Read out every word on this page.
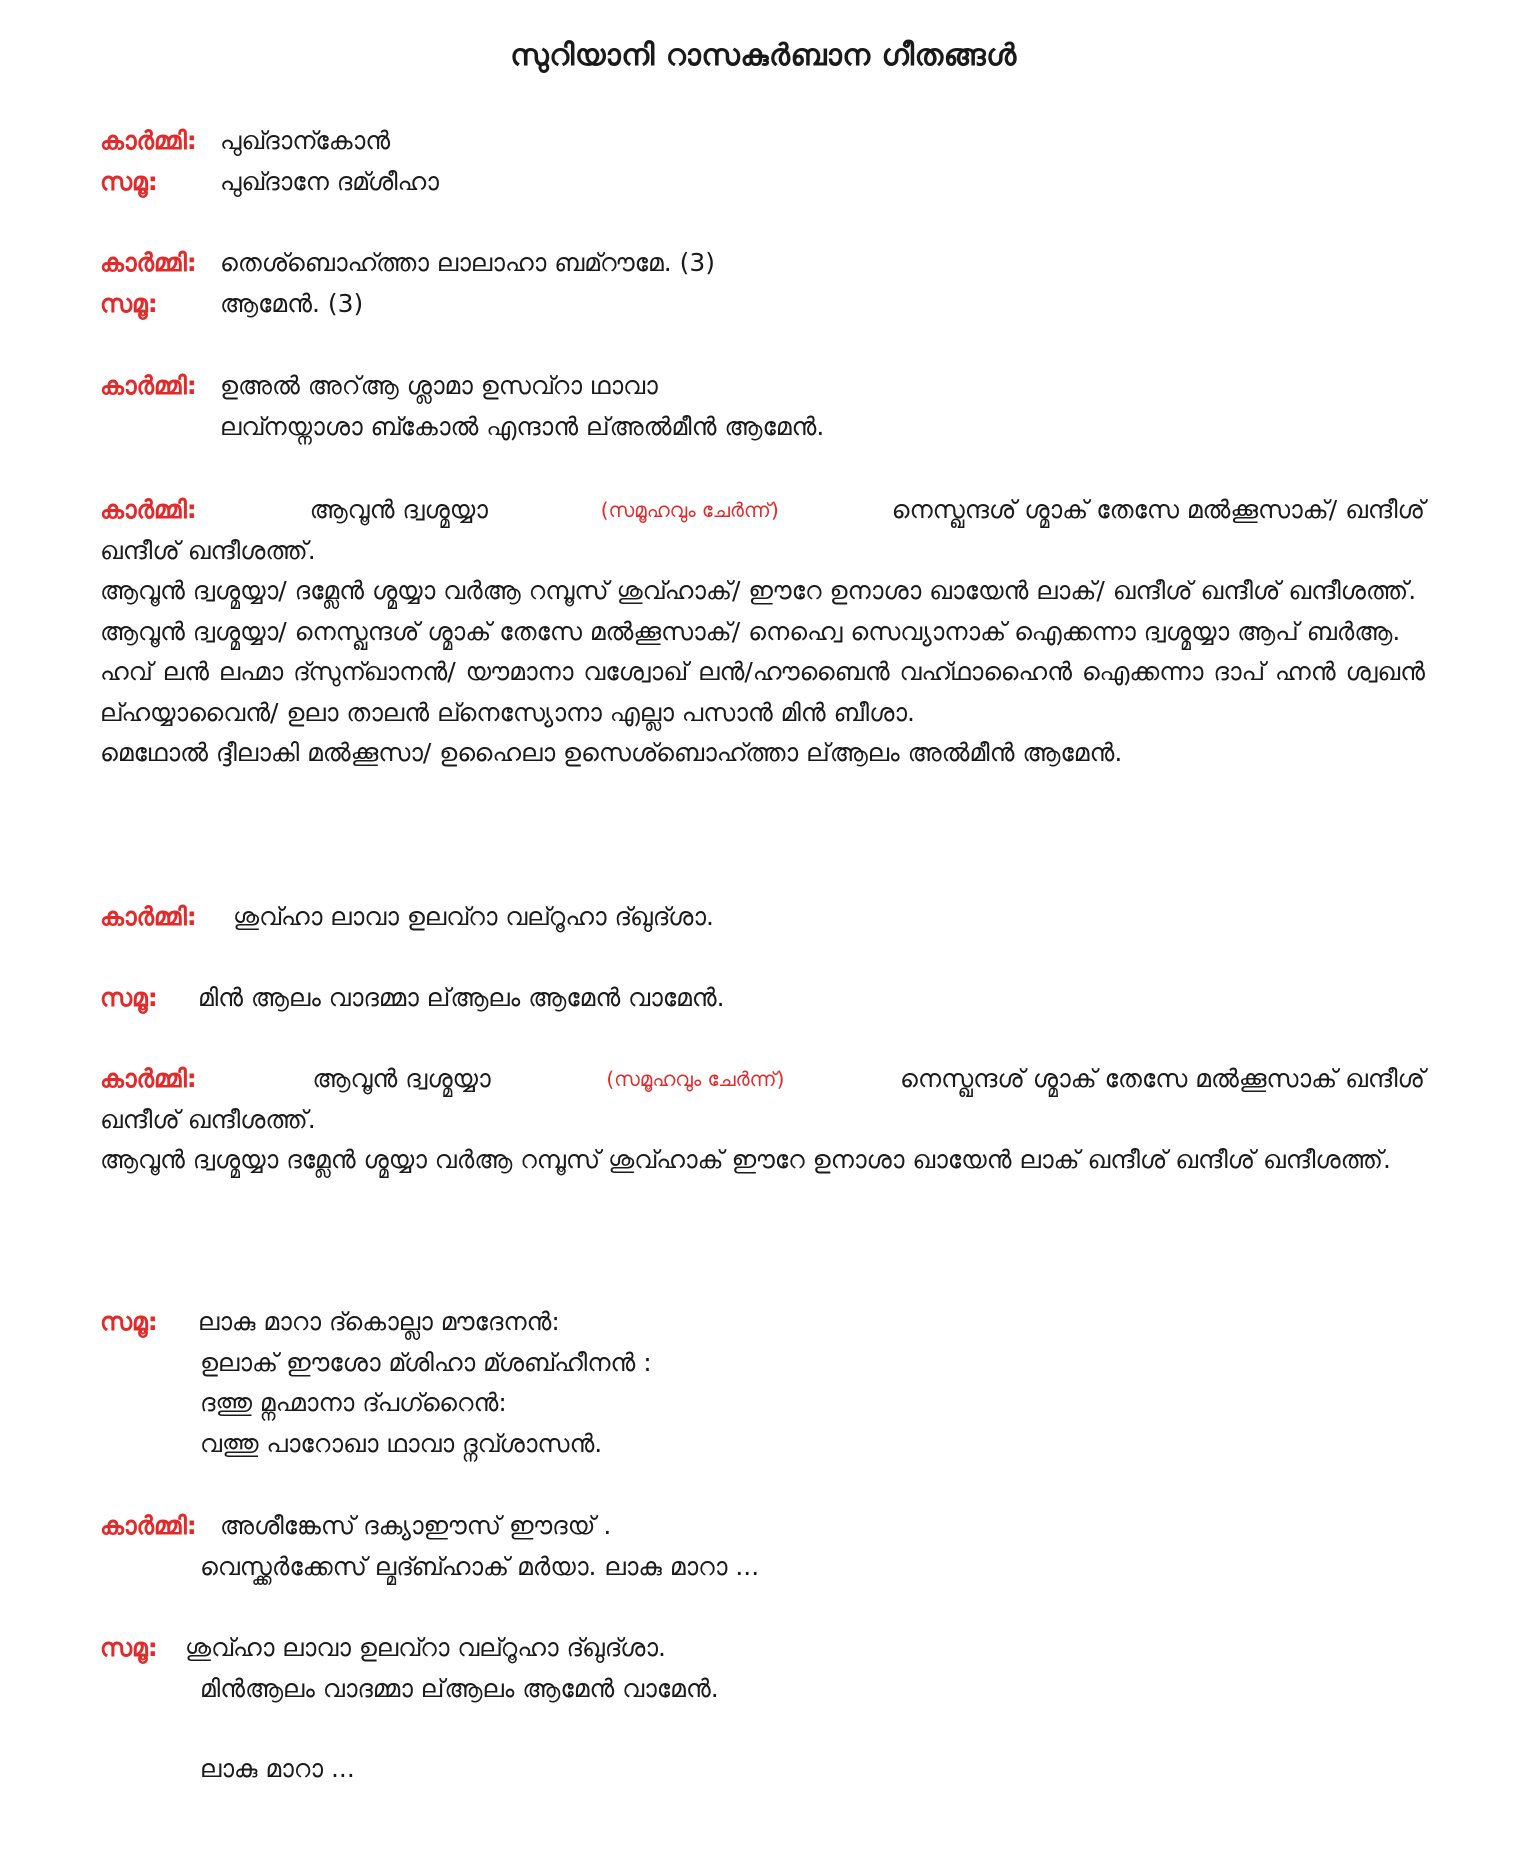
സുറിയാനി റാസകുർബാന ഗീതങ്ങൾ
കാർമ്മി: പുഖ്ദാന്കോൻ
സമൂ:	പുഖ്ദാനേ ദമ്ശീഹാ
കാർമ്മി: തെശ്ബൊഹ്ത്താ ലാലാഹാ ബമ്റൗമേ. (3)
സമൂ:	ആമേൻ. (3)
കാർമ്മി: ഉഅൽ അറ്ആ ശ്ലാമാ ഉസവ്റാ ഥാവാ
ലവ്നയ്നാശാ ബ്കോൽ എന്ദാൻ ല്അൽമീൻ ആമേൻ.
കാർമ്മി:	ആവൂൻ ദ്വശ്മയ്യാ	(സമൂഹവും ചേർന്ന്)	നെസ്ഖന്ദശ് ശ്മാക് തേസേ മൽക്കൂസാക്/ ഖന്ദീശ്
ഖന്ദീശ് ഖന്ദീശത്ത്.
ആവൂൻ ദ്വശ്മയ്യാ/ ദമ്ലേൻ ശ്മയ്യാ വർആ റമ്പൂസ് ശുവ്ഹാക്/ ഈറേ ഉനാശാ ഖായേൻ ലാക്/ ഖന്ദീശ് ഖന്ദീശ് ഖന്ദീശത്ത്.
ആവൂൻ ദ്വശ്മയ്യാ/ നെസ്ഖന്ദശ് ശ്മാക് തേസേ മൽക്കൂസാക്/ നെഹ്വെ സെവ്യാനാക് ഐക്കന്നാ ദ്വശ്മയ്യാ ആപ് ബർആ.
ഹവ് ലൻ ലഹ്മാ ദ്സുന്ഖാനൻ/ യൗമാനാ വശ്വോഖ് ലൻ/ഹൗബൈൻ വഹ്ഥാഹൈൻ ഐക്കന്നാ ദാപ് ഹ്നൻ ശ്വഖൻ ല്ഹയ്യാവൈൻ/ ഉലാ താലൻ ല്നെസ്യോനാ എല്ലാ പസാൻ മിൻ ബീശാ.
മെഥോൽ ദ്ദീലാകി മൽക്കൂസാ/ ഉഹൈലാ ഉസെശ്ബൊഹ്ത്താ ല്ആലം അൽമീൻ ആമേൻ.
കാർമ്മി:	ശുവ്ഹാ ലാവാ ഉലവ്റാ വല്റൂഹാ ദ്ഖുദ്ശാ.
സമൂ:	മിൻ ആലം വാദമ്മാ ല്ആലം ആമേൻ വാമേൻ.
കാർമ്മി:	ആവൂൻ ദ്വശ്മയ്യാ	(സമൂഹവും ചേർന്ന്)	നെസ്ഖന്ദശ് ശ്മാക് തേസേ മൽക്കൂസാക് ഖന്ദീശ്
ഖന്ദീശ് ഖന്ദീശത്ത്.
ആവൂൻ ദ്വശ്മയ്യാ ദമ്ലേൻ ശ്മയ്യാ വർആ റമ്പൂസ് ശുവ്ഹാക് ഈറേ ഉനാശാ ഖായേൻ ലാക് ഖന്ദീശ് ഖന്ദീശ് ഖന്ദീശത്ത്.
സമൂ:	ലാകു മാറാ ദ്കൊല്ലാ മൗദേനൻ:
ഉലാക് ഈശോ മ്ശിഹാ മ്ശബ്ഹീനൻ :
ദത്തു മ്നഹ്മാനാ ദ്പഗ്റൈൻ:
വത്തു പാറോഖാ ഥാവാ ദ്നവ്ശാസൻ.
കാർമ്മി: അശീങ്കേസ് ദക്യാഈസ് ഈദയ് .
വെസ്ക്കർക്കേസ് ല്മദ്ബ്ഹാക് മർയാ. ലാകു മാറാ ...
സമൂ:	ശുവ്ഹാ ലാവാ ഉലവ്റാ വല്റൂഹാ ദ്ഖുദ്ശാ.
മിൻആലം വാദമ്മാ ല്ആലം ആമേൻ വാമേൻ.
ലാകു മാറാ ...
